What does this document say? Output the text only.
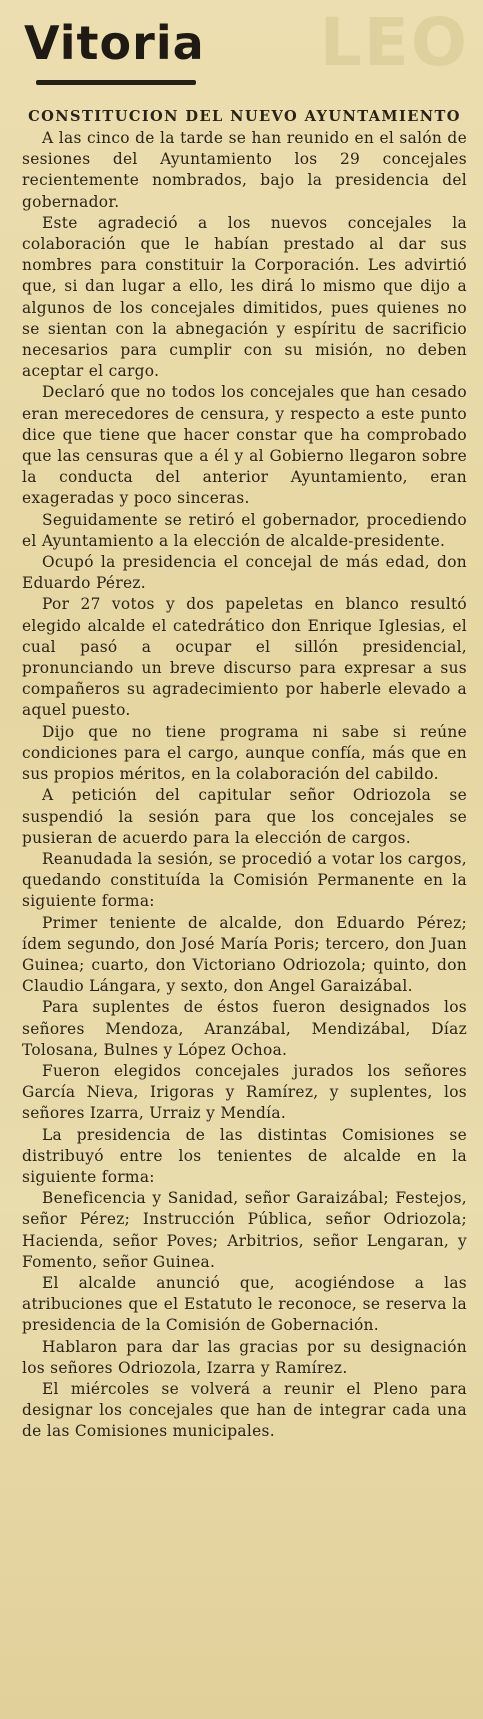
LEO
Vitoria
CONSTITUCION DEL NUEVO AYUNTAMIENTO

A las cinco de la tarde se han reunido en el salón de sesiones del Ayuntamiento los 29 concejales recientemente nombrados, bajo la presidencia del gobernador.

Este agradeció a los nuevos concejales la colaboración que le habían prestado al dar sus nombres para constituir la Corporación. Les advirtió que, si dan lugar a ello, les dirá lo mismo que dijo a algunos de los concejales dimitidos, pues quienes no se sientan con la abnegación y espíritu de sacrificio necesarios para cumplir con su misión, no deben aceptar el cargo.

Declaró que no todos los concejales que han cesado eran merecedores de censura, y respecto a este punto dice que tiene que hacer constar que ha comprobado que las censuras que a él y al Gobierno llegaron sobre la conducta del anterior Ayuntamiento, eran exageradas y poco sinceras.

Seguidamente se retiró el gobernador, procediendo el Ayuntamiento a la elección de alcalde-presidente.

Ocupó la presidencia el concejal de más edad, don Eduardo Pérez.

Por 27 votos y dos papeletas en blanco resultó elegido alcalde el catedrático don Enrique Iglesias, el cual pasó a ocupar el sillón presidencial, pronunciando un breve discurso para expresar a sus compañeros su agradecimiento por haberle elevado a aquel puesto.

Dijo que no tiene programa ni sabe si reúne condiciones para el cargo, aunque confía, más que en sus propios méritos, en la colaboración del cabildo.

A petición del capitular señor Odriozola se suspendió la sesión para que los concejales se pusieran de acuerdo para la elección de cargos.

Reanudada la sesión, se procedió a votar los cargos, quedando constituída la Comisión Permanente en la siguiente forma:

Primer teniente de alcalde, don Eduardo Pérez; ídem segundo, don José María Poris; tercero, don Juan Guinea; cuarto, don Victoriano Odriozola; quinto, don Claudio Lángara, y sexto, don Angel Garaizábal.

Para suplentes de éstos fueron designados los señores Mendoza, Aranzábal, Mendizábal, Díaz Tolosana, Bulnes y López Ochoa.

Fueron elegidos concejales jurados los señores García Nieva, Irigoras y Ramírez, y suplentes, los señores Izarra, Urraiz y Mendía.

La presidencia de las distintas Comisiones se distribuyó entre los tenientes de alcalde en la siguiente forma:

Beneficencia y Sanidad, señor Garaizábal; Festejos, señor Pérez; Instrucción Pública, señor Odriozola; Hacienda, señor Poves; Arbitrios, señor Lengaran, y Fomento, señor Guinea.

El alcalde anunció que, acogiéndose a las atribuciones que el Estatuto le reconoce, se reserva la presidencia de la Comisión de Gobernación.

Hablaron para dar las gracias por su designación los señores Odriozola, Izarra y Ramírez.

El miércoles se volverá a reunir el Pleno para designar los concejales que han de integrar cada una de las Comisiones municipales.
